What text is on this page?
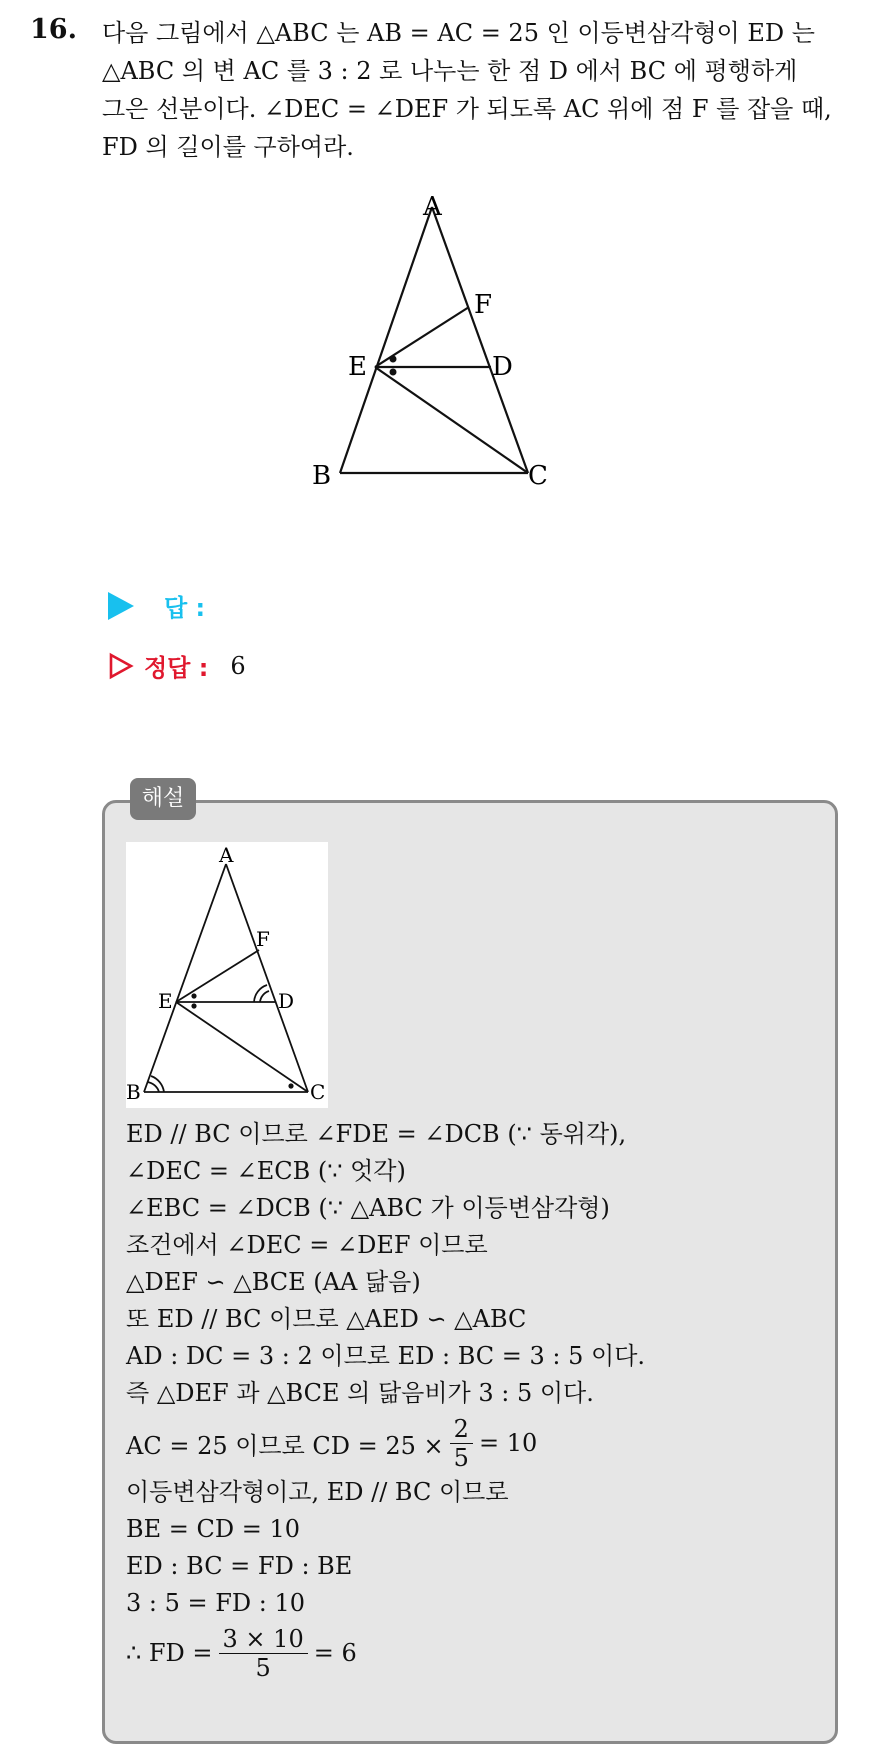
16. 다음 그림에서 △ABC 는 AB = AC = 25 인 이등변삼각형이 ED 는
△ABC 의 변 AC 를 3 : 2 로 나누는 한 점 D 에서 BC 에 평행하게
그은 선분이다. ∠DEC = ∠DEF 가 되도록 AC 위에 점 F 를 잡을 때,
FD 의 길이를 구하여라.
A
F
E	D
B	C
답 :
정답 : 6
해설
A
F
E	D
B	C
ED // BC 이므로 ∠FDE = ∠DCB (∵ 동위각),
∠DEC = ∠ECB (∵ 엇각)
∠EBC = ∠DCB (∵ △ABC 가 이등변삼각형)
조건에서 ∠DEC = ∠DEF 이므로
△DEF ∽ △BCE (AA 닮음)
또 ED // BC 이므로 △AED ∽ △ABC
AD : DC = 3 : 2 이므로 ED : BC = 3 : 5 이다.
즉 △DEF 과 △BCE 의 닮음비가 3 : 5 이다.
AC = 25 이므로 CD = $25 \times \frac{2}{5} = 10$
이등변삼각형이고, ED // BC 이므로
BE = CD = 10
ED : BC = FD : BE
3 : 5 = FD : 10
∴ FD = $\frac{3 \times 10}{5} = 6$
